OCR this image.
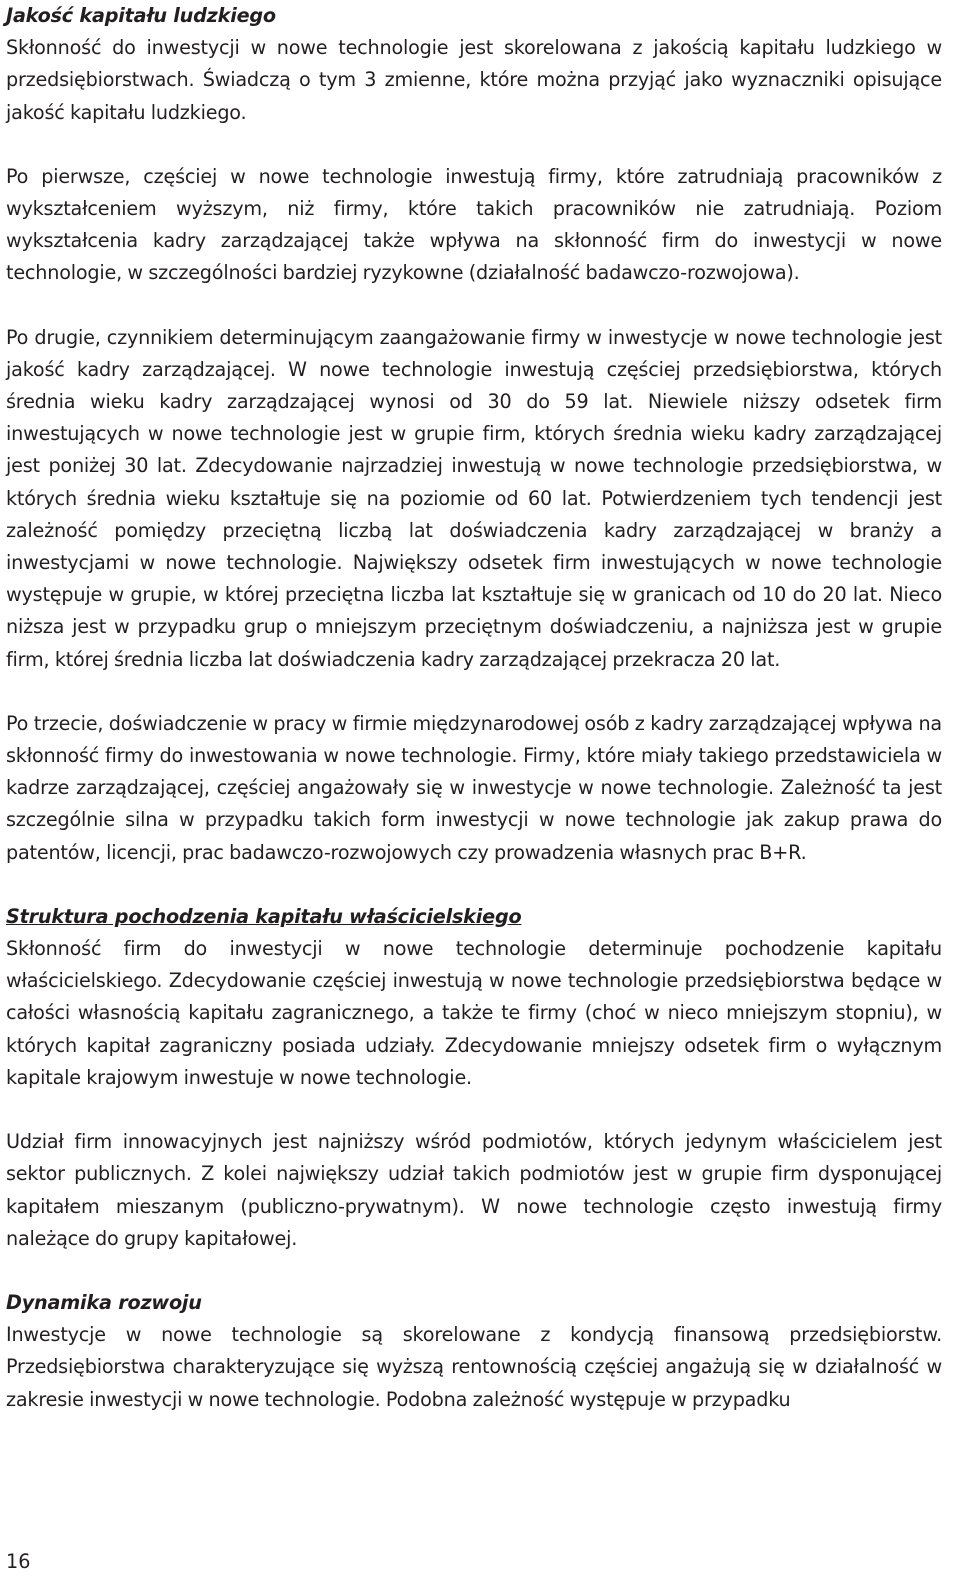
Jakość kapitału ludzkiego

Skłonność do inwestycji w nowe technologie jest skorelowana z jakością kapitału ludzkiego w przedsiębiorstwach. Świadczą o tym 3 zmienne, które można przyjąć jako wyznaczniki opisujące jakość kapitału ludzkiego.

Po pierwsze, częściej w nowe technologie inwestują firmy, które zatrudniają pracowników z wykształceniem wyższym, niż firmy, które takich pracowników nie zatrudniają. Poziom wykształcenia kadry zarządzającej także wpływa na skłonność firm do inwestycji w nowe technologie, w szczególności bardziej ryzykowne (działalność badawczo-rozwojowa).

Po drugie, czynnikiem determinującym zaangażowanie firmy w inwestycje w nowe technologie jest jakość kadry zarządzającej. W nowe technologie inwestują częściej przedsiębiorstwa, których średnia wieku kadry zarządzającej wynosi od 30 do 59 lat. Niewiele niższy odsetek firm inwestujących w nowe technologie jest w grupie firm, których średnia wieku kadry zarządzającej jest poniżej 30 lat. Zdecydowanie najrzadziej inwestują w nowe technologie przedsiębiorstwa, w których średnia wieku kształtuje się na poziomie od 60 lat. Potwierdzeniem tych tendencji jest zależność pomiędzy przeciętną liczbą lat doświadczenia kadry zarządzającej w branży a inwestycjami w nowe technologie. Największy odsetek firm inwestujących w nowe technologie występuje w grupie, w której przeciętna liczba lat kształtuje się w granicach od 10 do 20 lat. Nieco niższa jest w przypadku grup o mniejszym przeciętnym doświadczeniu, a najniższa jest w grupie firm, której średnia liczba lat doświadczenia kadry zarządzającej przekracza 20 lat.

Po trzecie, doświadczenie w pracy w firmie międzynarodowej osób z kadry zarządzającej wpływa na skłonność firmy do inwestowania w nowe technologie. Firmy, które miały takiego przedstawiciela w kadrze zarządzającej, częściej angażowały się w inwestycje w nowe technologie. Zależność ta jest szczególnie silna w przypadku takich form inwestycji w nowe technologie jak zakup prawa do patentów, licencji, prac badawczo-rozwojowych czy prowadzenia własnych prac B+R.

Struktura pochodzenia kapitału właścicielskiego

Skłonność firm do inwestycji w nowe technologie determinuje pochodzenie kapitału właścicielskiego. Zdecydowanie częściej inwestują w nowe technologie przedsiębiorstwa będące w całości własnością kapitału zagranicznego, a także te firmy (choć w nieco mniejszym stopniu), w których kapitał zagraniczny posiada udziały. Zdecydowanie mniejszy odsetek firm o wyłącznym kapitale krajowym inwestuje w nowe technologie.

Udział firm innowacyjnych jest najniższy wśród podmiotów, których jedynym właścicielem jest sektor publicznych. Z kolei największy udział takich podmiotów jest w grupie firm dysponującej kapitałem mieszanym (publiczno-prywatnym). W nowe technologie często inwestują firmy należące do grupy kapitałowej.

Dynamika rozwoju

Inwestycje w nowe technologie są skorelowane z kondycją finansową przedsiębiorstw. Przedsiębiorstwa charakteryzujące się wyższą rentownością częściej angażują się w działalność w zakresie inwestycji w nowe technologie. Podobna zależność występuje w przypadku

16
